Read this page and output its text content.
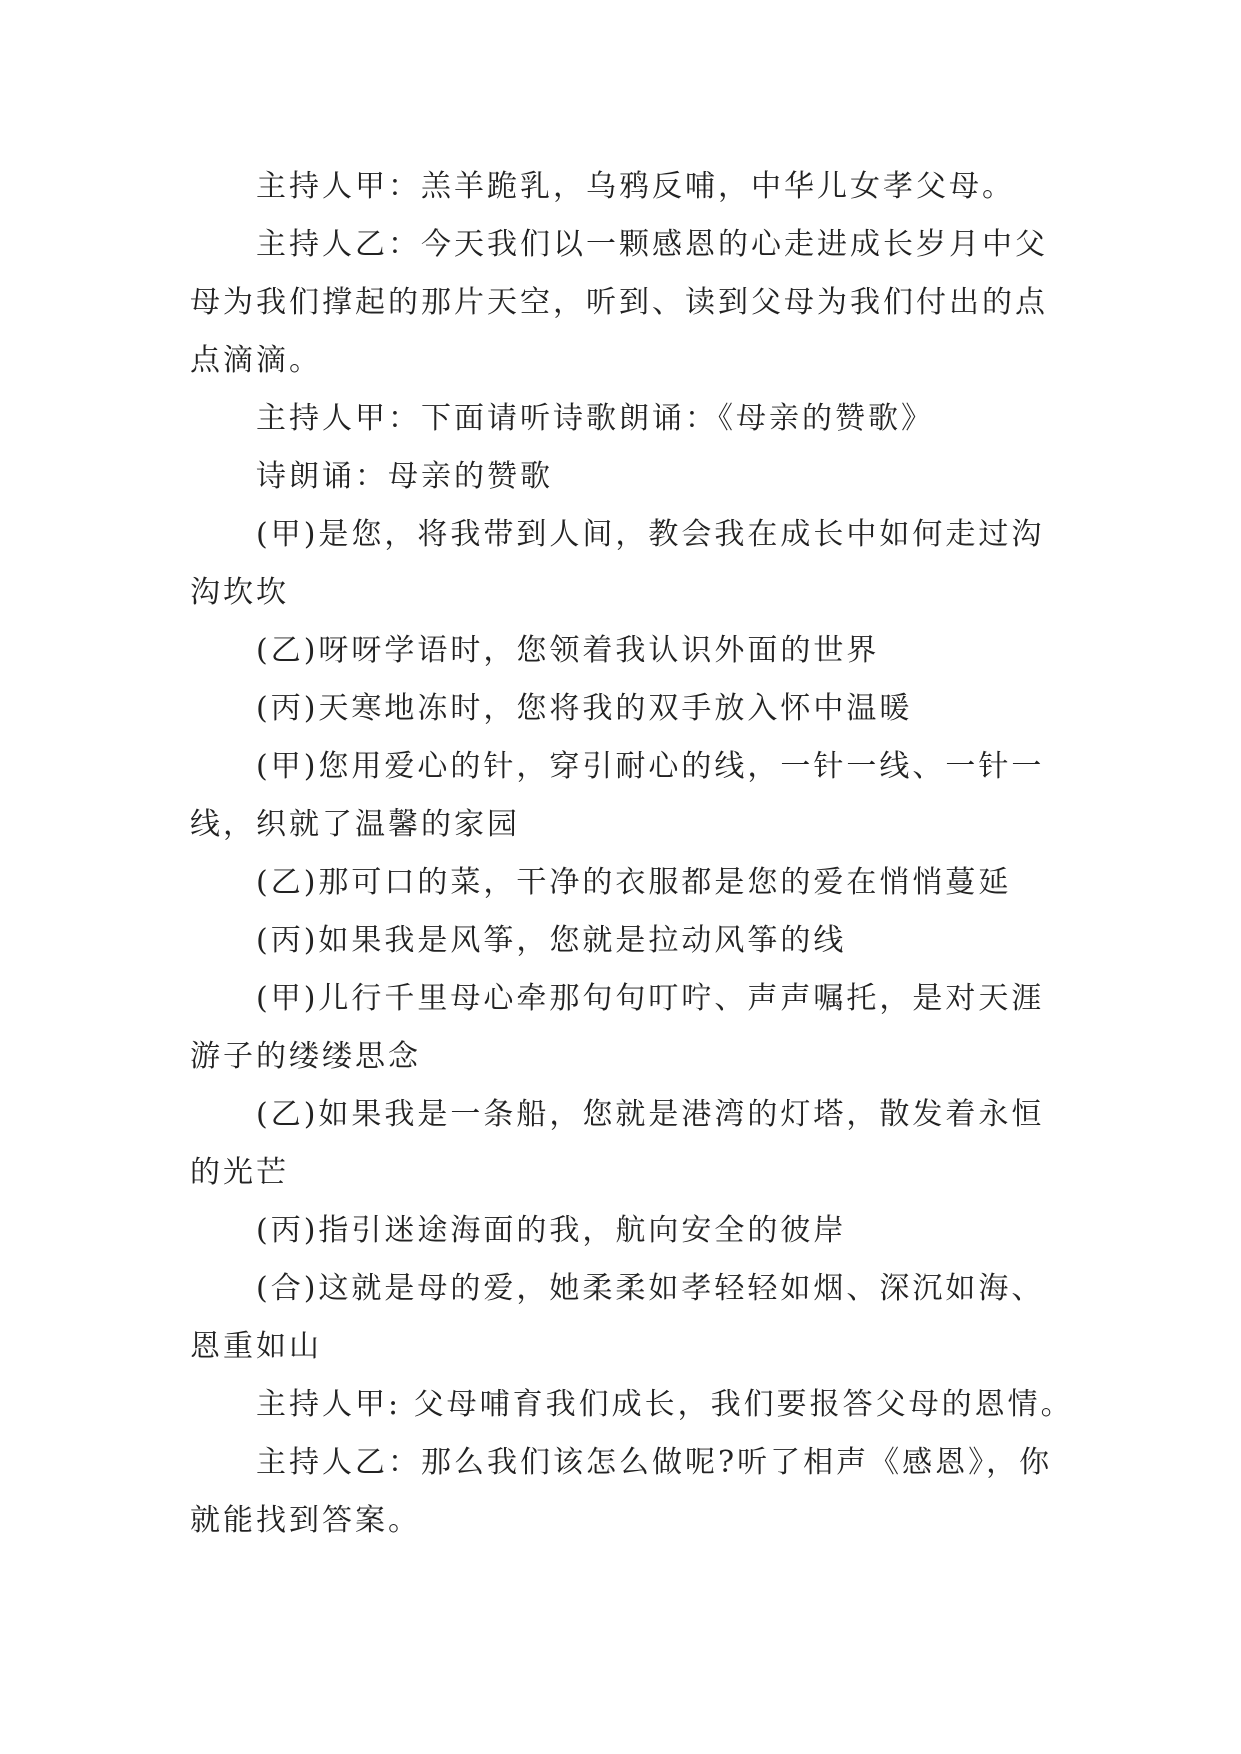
主持人甲：羔羊跪乳，乌鸦反哺，中华儿女孝父母。
主持人乙：今天我们以一颗感恩的心走进成长岁月中父
母为我们撑起的那片天空，听到、读到父母为我们付出的点
点滴滴。
主持人甲：下面请听诗歌朗诵：《母亲的赞歌》
诗朗诵：母亲的赞歌
(甲)是您，将我带到人间，教会我在成长中如何走过沟
沟坎坎
(乙)呀呀学语时，您领着我认识外面的世界
(丙)天寒地冻时，您将我的双手放入怀中温暖
(甲)您用爱心的针，穿引耐心的线，一针一线、一针一
线，织就了温馨的家园
(乙)那可口的菜，干净的衣服都是您的爱在悄悄蔓延
(丙)如果我是风筝，您就是拉动风筝的线
(甲)儿行千里母心牵那句句叮咛、声声嘱托，是对天涯
游子的缕缕思念
(乙)如果我是一条船，您就是港湾的灯塔，散发着永恒
的光芒
(丙)指引迷途海面的我，航向安全的彼岸
(合)这就是母的爱，她柔柔如孝轻轻如烟、深沉如海、
恩重如山
主持人甲: 父母哺育我们成长，我们要报答父母的恩情。
主持人乙：那么我们该怎么做呢?听了相声《感恩》，你
就能找到答案。
